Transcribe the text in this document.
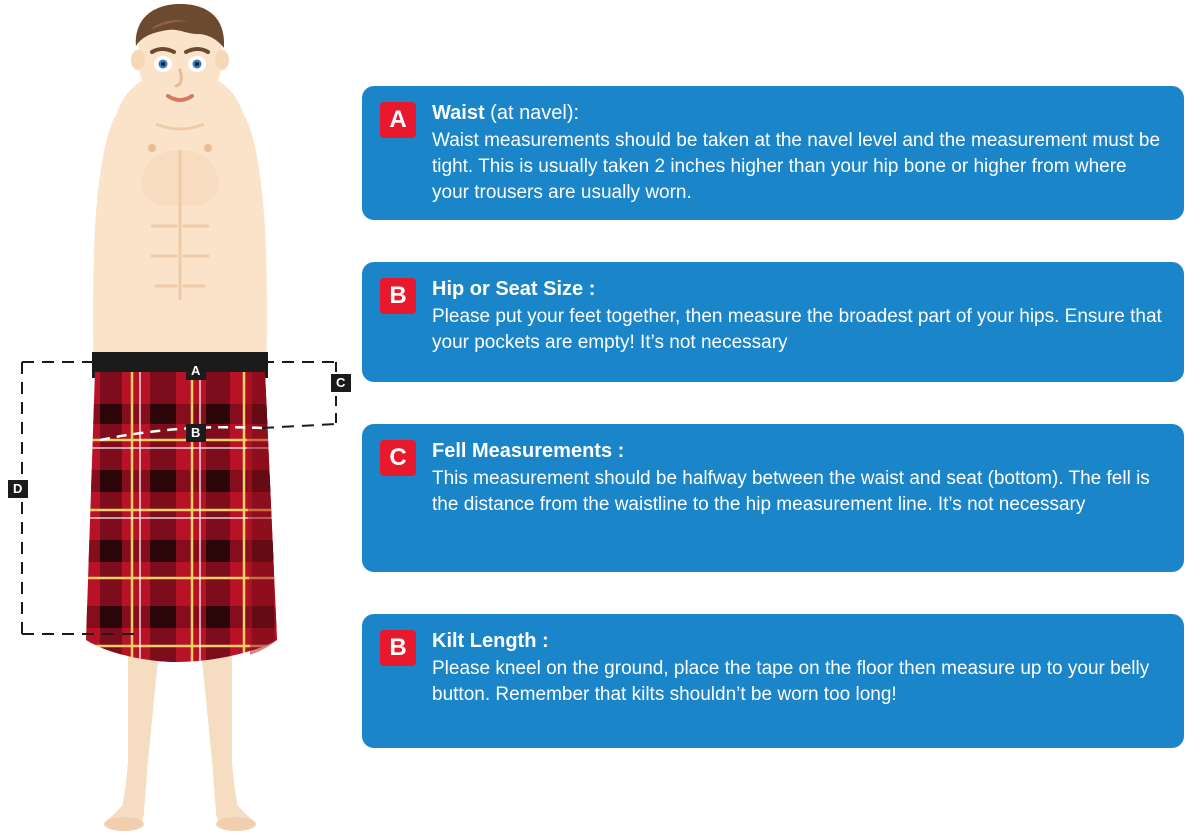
A
B
C
D
A	Waist (at navel):
Waist measurements should be taken at the navel level and the measurement must be tight. This is usually taken 2 inches higher than your hip bone or higher from where your trousers are usually worn.
B	Hip or Seat Size :
Please put your feet together, then measure the broadest part of your hips. Ensure that your pockets are empty! It’s not necessary
C	Fell Measurements :
This measurement should be halfway between the waist and seat (bottom). The fell is the distance from the waistline to the hip measurement line. It’s not necessary
B	Kilt Length :
Please kneel on the ground, place the tape on the floor then measure up to your belly button. Remember that kilts shouldn’t be worn too long!
